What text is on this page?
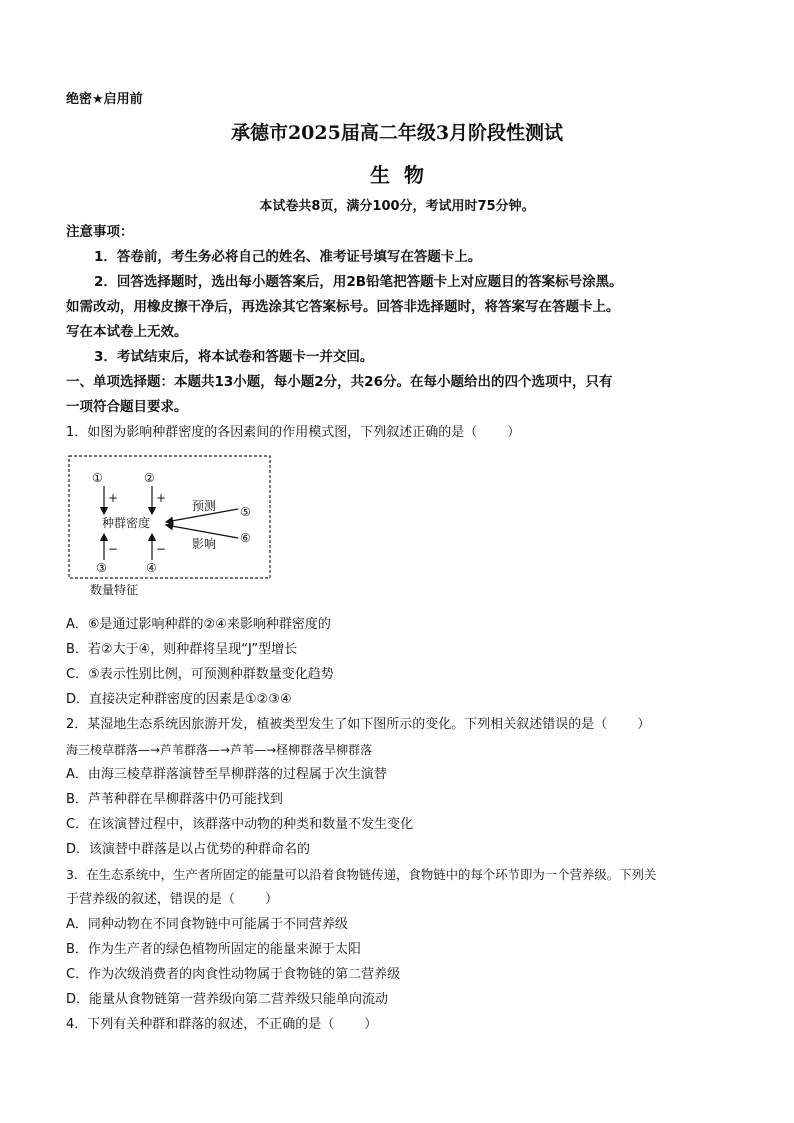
绝密★启用前
承德市2025届高二年级3月阶段性测试
生物
本试卷共8页，满分100分，考试用时75分钟。
注意事项：
1．答卷前，考生务必将自己的姓名、准考证号填写在答题卡上。
2．回答选择题时，选出每小题答案后，用2B铅笔把答题卡上对应题目的答案标号涂黑。
如需改动，用橡皮擦干净后，再选涂其它答案标号。回答非选择题时，将答案写在答题卡上。
写在本试卷上无效。
3．考试结束后，将本试卷和答题卡一并交回。
一、单项选择题：本题共13小题，每小题2分，共26分。在每小题给出的四个选项中，只有
一项符合题目要求。
1．如图为影响种群密度的各因素间的作用模式图，下列叙述正确的是（ ）
①	②
+	+
种群密度
预测
影响
⑤
⑥
−	−
③	④
数量特征
A．⑥是通过影响种群的②④来影响种群密度的
B．若②大于④，则种群将呈现“J”型增长
C．⑤表示性别比例，可预测种群数量变化趋势
D．直接决定种群密度的因素是①②③④
2．某湿地生态系统因旅游开发，植被类型发生了如下图所示的变化。下列相关叙述错误的是（ ）
海三棱草群落—→芦苇群落—→芦苇—→柽柳群落旱柳群落
A．由海三棱草群落演替至旱柳群落的过程属于次生演替
B．芦苇种群在旱柳群落中仍可能找到
C．在该演替过程中，该群落中动物的种类和数量不发生变化
D．该演替中群落是以占优势的种群命名的
3．在生态系统中，生产者所固定的能量可以沿着食物链传递，食物链中的每个环节即为一个营养级。下列关
于营养级的叙述，错误的是（ ）
A．同种动物在不同食物链中可能属于不同营养级
B．作为生产者的绿色植物所固定的能量来源于太阳
C．作为次级消费者的肉食性动物属于食物链的第二营养级
D．能量从食物链第一营养级向第二营养级只能单向流动
4．下列有关种群和群落的叙述，不正确的是（ ）
